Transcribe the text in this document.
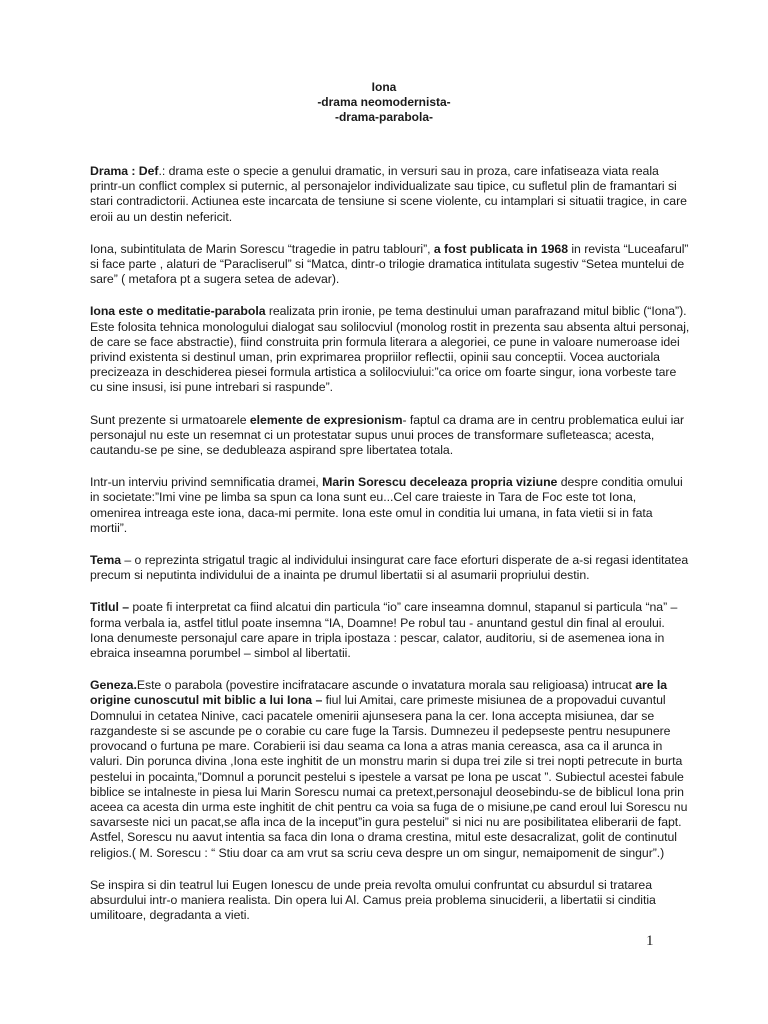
Iona
-drama neomodernista-
-drama-parabola-

Drama : Def.: drama este o specie a genului dramatic, in versuri sau in proza, care infatiseaza viata reala printr-un conflict complex si puternic, al personajelor individualizate sau tipice, cu sufletul plin de framantari si stari contradictorii. Actiunea este incarcata de tensiune si scene violente, cu intamplari si situatii tragice, in care eroii au un destin nefericit.

Iona, subintitulata de Marin Sorescu “tragedie in patru tablouri”, a fost publicata in 1968 in revista “Luceafarul” si face parte , alaturi de “Paracliserul” si “Matca, dintr-o trilogie dramatica intitulata sugestiv “Setea muntelui de sare” ( metafora pt a sugera setea de adevar).

Iona este o meditatie-parabola realizata prin ironie, pe tema destinului uman parafrazand mitul biblic (“Iona”). Este folosita tehnica monologului dialogat sau solilocviul (monolog rostit in prezenta sau absenta altui personaj, de care se face abstractie), fiind construita prin formula literara a alegoriei, ce pune in valoare numeroase idei privind existenta si destinul uman, prin exprimarea propriilor reflectii, opinii sau conceptii. Vocea auctoriala precizeaza in deschiderea piesei formula artistica a solilocviului:”ca orice om foarte singur, iona vorbeste tare cu sine insusi, isi pune intrebari si raspunde”.

Sunt prezente si urmatoarele elemente de expresionism- faptul ca drama are in centru problematica eului iar personajul nu este un resemnat ci un protestatar supus unui proces de transformare sufleteasca; acesta, cautandu-se pe sine, se dedubleaza aspirand spre libertatea totala.

Intr-un interviu privind semnificatia dramei, Marin Sorescu deceleaza propria viziune despre conditia omului in societate:”Imi vine pe limba sa spun ca Iona sunt eu...Cel care traieste in Tara de Foc este tot Iona, omenirea intreaga este iona, daca-mi permite. Iona este omul in conditia lui umana, in fata vietii si in fata mortii”.

Tema – o reprezinta strigatul tragic al individului insingurat care face eforturi disperate de a-si regasi identitatea precum si neputinta individului de a inainta pe drumul libertatii si al asumarii propriului destin.

Titlul – poate fi interpretat ca fiind alcatui din particula “io” care inseamna domnul, stapanul si particula “na” – forma verbala ia, astfel titlul poate insemna “IA, Doamne! Pe robul tau - anuntand gestul din final al eroului. Iona denumeste personajul care apare in tripla ipostaza : pescar, calator, auditoriu, si de asemenea iona in ebraica inseamna porumbel – simbol al libertatii.

Geneza.Este o parabola (povestire incifratacare ascunde o invatatura morala sau religioasa) intrucat are la origine cunoscutul mit biblic a lui Iona – fiul lui Amitai, care primeste misiunea de a propovadui cuvantul Domnului in cetatea Ninive, caci pacatele omenirii ajunsesera pana la cer. Iona accepta misiunea, dar se razgandeste si se ascunde pe o corabie cu care fuge la Tarsis. Dumnezeu il pedepseste pentru nesupunere provocand o furtuna pe mare. Corabierii isi dau seama ca Iona a atras mania cereasca, asa ca il arunca in valuri. Din porunca divina ,Iona este inghitit de un monstru marin si dupa trei zile si trei nopti petrecute in burta pestelui in pocainta,”Domnul a poruncit pestelui s ipestele a varsat pe Iona pe uscat ”. Subiectul acestei fabule biblice se intalneste in piesa lui Marin Sorescu numai ca pretext,personajul deosebindu-se de biblicul Iona prin aceea ca acesta din urma este inghitit de chit pentru ca voia sa fuga de o misiune,pe cand eroul lui Sorescu nu savarseste nici un pacat,se afla inca de la inceput”in gura pestelui” si nici nu are posibilitatea eliberarii de fapt. Astfel, Sorescu nu aavut intentia sa faca din Iona o drama crestina, mitul este desacralizat, golit de continutul religios.( M. Sorescu : “ Stiu doar ca am vrut sa scriu ceva despre un om singur, nemaipomenit de singur”.)

Se inspira si din teatrul lui Eugen Ionescu de unde preia revolta omului confruntat cu absurdul si tratarea absurdului intr-o maniera realista. Din opera lui Al. Camus preia problema sinuciderii, a libertatii si cinditia umilitoare, degradanta a vieti.

1
